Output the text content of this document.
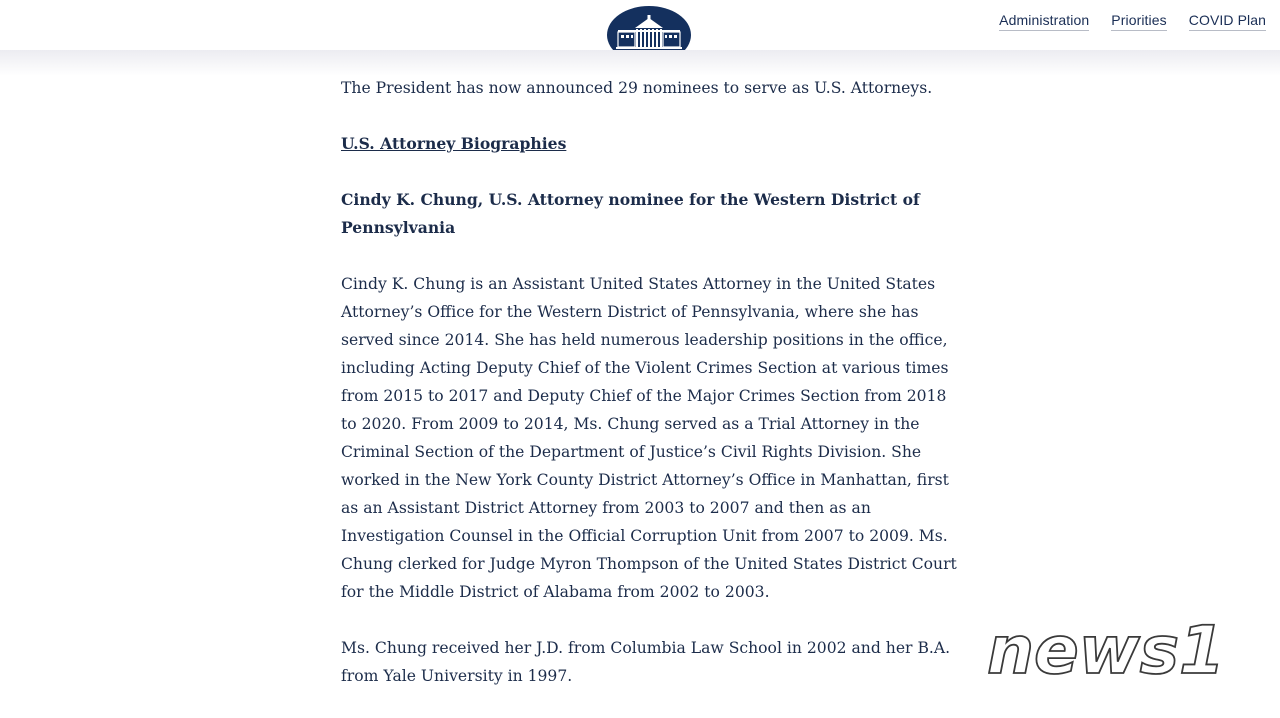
Administration Priorities COVID Plan

The President has now announced 29 nominees to serve as U.S. Attorneys.

U.S. Attorney Biographies

Cindy K. Chung, U.S. Attorney nominee for the Western District of Pennsylvania

Cindy K. Chung is an Assistant United States Attorney in the United States Attorney’s Office for the Western District of Pennsylvania, where she has served since 2014. She has held numerous leadership positions in the office, including Acting Deputy Chief of the Violent Crimes Section at various times from 2015 to 2017 and Deputy Chief of the Major Crimes Section from 2018 to 2020. From 2009 to 2014, Ms. Chung served as a Trial Attorney in the Criminal Section of the Department of Justice’s Civil Rights Division. She worked in the New York County District Attorney’s Office in Manhattan, first as an Assistant District Attorney from 2003 to 2007 and then as an Investigation Counsel in the Official Corruption Unit from 2007 to 2009. Ms. Chung clerked for Judge Myron Thompson of the United States District Court for the Middle District of Alabama from 2002 to 2003.

Ms. Chung received her J.D. from Columbia Law School in 2002 and her B.A. from Yale University in 1997.	news1
